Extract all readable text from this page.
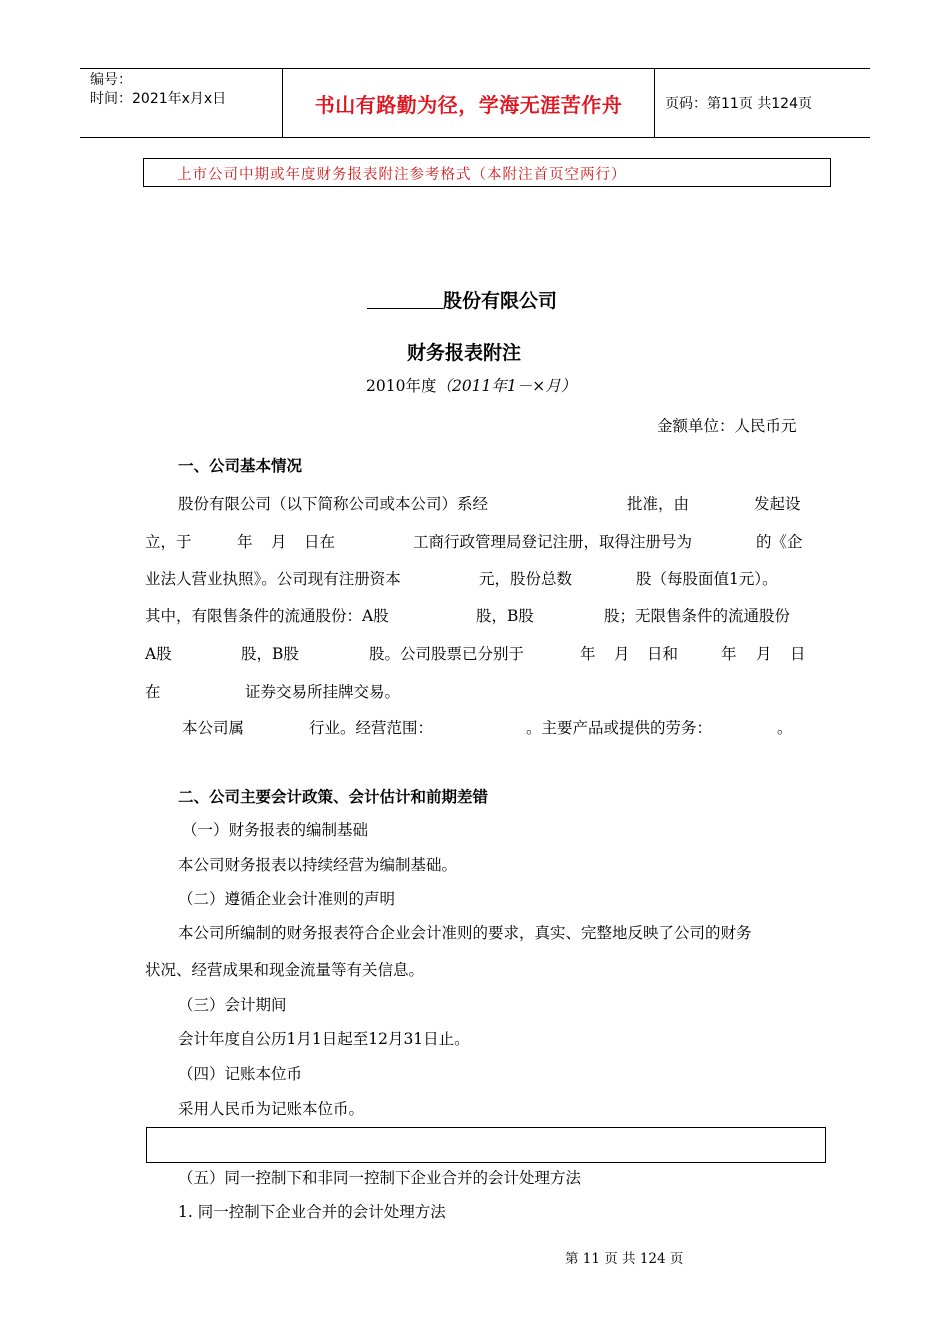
编号：
时间：2021年x月x日	书山有路勤为径，学海无涯苦作舟	页码：第11页 共124页
上市公司中期或年度财务报表附注参考格式（本附注首页空两行）
________股份有限公司
财务报表附注
2010年度（2011年1－×月）
金额单位：人民币元
一、公司基本情况
股份有限公司（以下简称公司或本公司）系经	批准，由	发起设
立，于	年 月 日在	工商行政管理局登记注册，取得注册号为	的《企
业法人营业执照》。公司现有注册资本	元，股份总数	股（每股面值1元）。
其中，有限售条件的流通股份：A股	股，B股	股；无限售条件的流通股份
A股	股，B股	股。公司股票已分别于	年 月 日和	年 月 日
在	证券交易所挂牌交易。
本公司属	行业。经营范围：	。主要产品或提供的劳务：	。
二、公司主要会计政策、会计估计和前期差错
（一）财务报表的编制基础
本公司财务报表以持续经营为编制基础。
（二）遵循企业会计准则的声明
本公司所编制的财务报表符合企业会计准则的要求，真实、完整地反映了公司的财务
状况、经营成果和现金流量等有关信息。
（三）会计期间
会计年度自公历1月1日起至12月31日止。
（四）记账本位币
采用人民币为记账本位币。
（五）同一控制下和非同一控制下企业合并的会计处理方法
1. 同一控制下企业合并的会计处理方法
第 11 页 共 124 页
